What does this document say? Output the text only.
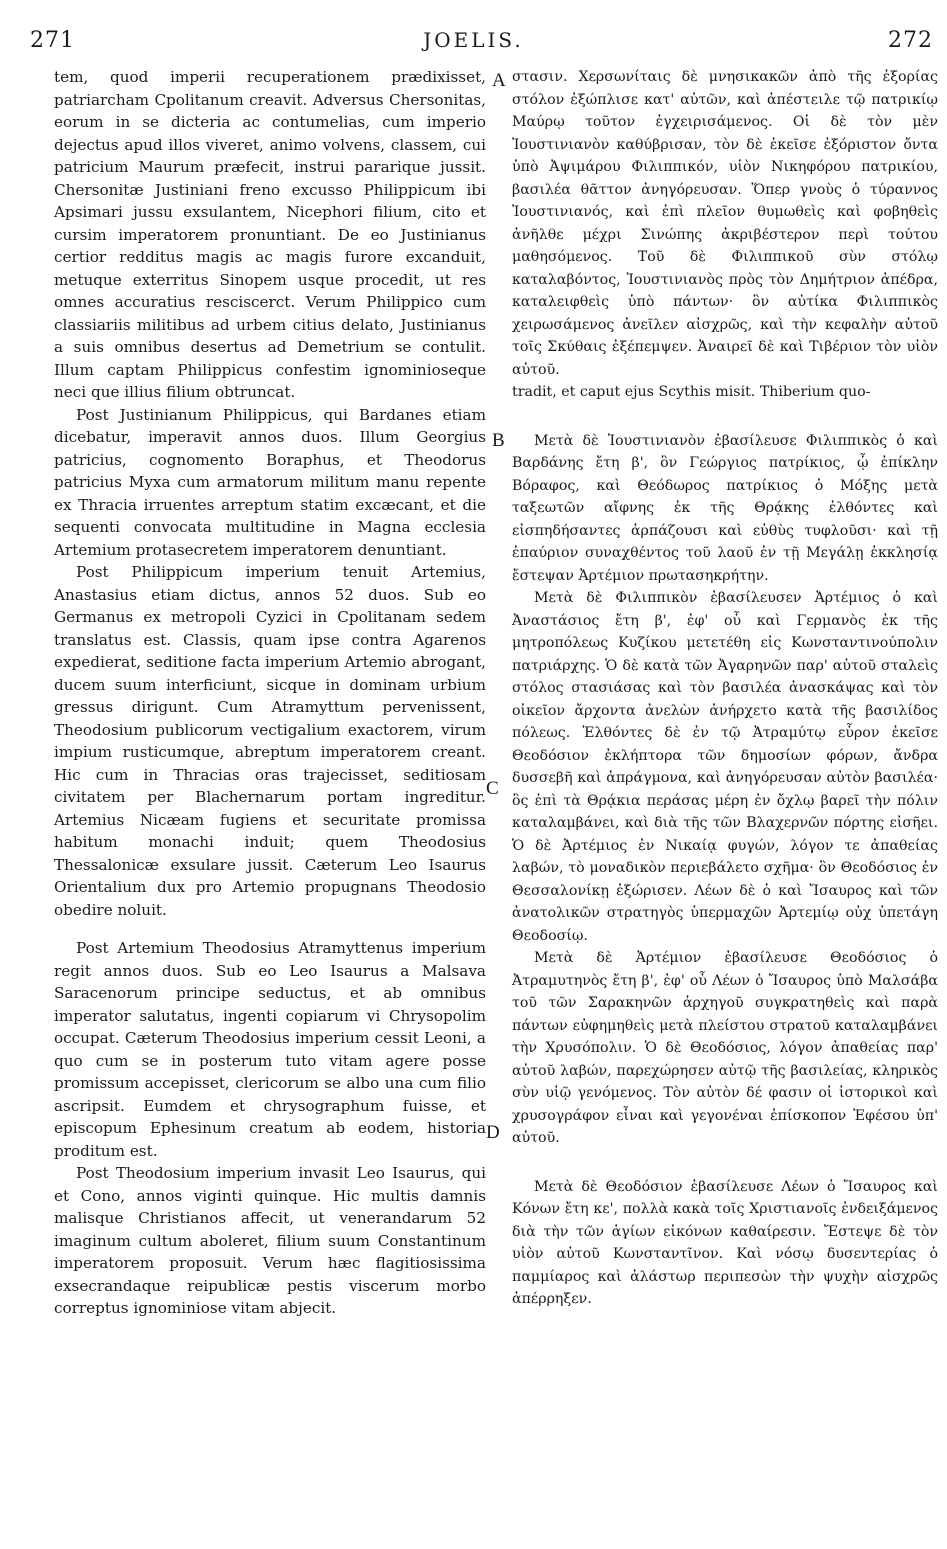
271	JOELIS.	272
A
B
C
D

tem, quod imperii recuperationem prædixisset, patriarcham Cpolitanum creavit. Adversus Chersonitas, eorum in se dicteria ac contumelias, cum imperio dejectus apud illos viveret, animo volvens, classem, cui patricium Maurum præfecit, instrui pararique jussit. Chersonitæ Justiniani freno excusso Philippicum ibi Apsimari jussu exsulantem, Nicephori filium, cito et cursim imperatorem pronuntiant. De eo Justinianus certior redditus magis ac magis furore excanduit, metuque exterritus Sinopem usque procedit, ut res omnes accuratius resciscerct. Verum Philippico cum classiariis militibus ad urbem citius delato, Justinianus a suis omnibus desertus ad Demetrium se contulit. Illum captam Philippicus confestim ignominioseque neci que illius filium obtruncat.

Post Justinianum Philippicus, qui Bardanes etiam dicebatur, imperavit annos duos. Illum Georgius patricius, cognomento Boraphus, et Theodorus patricius Myxa cum armatorum militum manu repente ex Thracia irruentes arreptum statim excæcant, et die sequenti convocata multitudine in Magna ecclesia Artemium protasecretem imperatorem denuntiant.

Post Philippicum imperium tenuit Artemius, Anastasius etiam dictus, annos 52 duos. Sub eo Germanus ex metropoli Cyzici in Cpolitanam sedem translatus est. Classis, quam ipse contra Agarenos expedierat, seditione facta imperium Artemio abrogant, ducem suum interficiunt, sicque in dominam urbium gressus dirigunt. Cum Atramyttum pervenissent, Theodosium publicorum vectigalium exactorem, virum impium rusticumque, abreptum imperatorem creant. Hic cum in Thracias oras trajecisset, seditiosam civitatem per Blachernarum portam ingreditur. Artemius Nicæam fugiens et securitate promissa habitum monachi induit; quem Theodosius Thessalonicæ exsulare jussit. Cæterum Leo Isaurus Orientalium dux pro Artemio propugnans Theodosio obedire noluit.

Post Artemium Theodosius Atramyttenus imperium regit annos duos. Sub eo Leo Isaurus a Malsava Saracenorum principe seductus, et ab omnibus imperator salutatus, ingenti copiarum vi Chrysopolim occupat. Cæterum Theodosius imperium cessit Leoni, a quo cum se in posterum tuto vitam agere posse promissum accepisset, clericorum se albo una cum filio ascripsit. Eumdem et chrysographum fuisse, et episcopum Ephesinum creatum ab eodem, historia proditum est.

Post Theodosium imperium invasit Leo Isaurus, qui et Cono, annos viginti quinque. Hic multis damnis malisque Christianos affecit, ut venerandarum 52 imaginum cultum aboleret, filium suum Constantinum imperatorem proposuit. Verum hæc flagitiosissima exsecrandaque reipublicæ pestis viscerum morbo correptus ignominiose vitam abjecit.

στασιν. Χερσωνίταις δὲ μνησικακῶν ἀπὸ τῆς ἐξορίας στόλον ἐξώπλισε κατ' αὐτῶν, καὶ ἀπέστειλε τῷ πατρικίῳ Μαύρῳ τοῦτον ἐγχειρισάμενος. Οἱ δὲ τὸν μὲν Ἰουστινιανὸν καθύβρισαν, τὸν δὲ ἐκεῖσε ἐξόριστον ὄντα ὑπὸ Ἀψιμάρου Φιλιππικόν, υἱὸν Νικηφόρου πατρικίου, βασιλέα θᾶττον ἀνηγόρευσαν. Ὅπερ γνοὺς ὁ τύραννος Ἰουστινιανός, καὶ ἐπὶ πλεῖον θυμωθεὶς καὶ φοβηθεὶς ἀνῆλθε μέχρι Σινώπης ἀκριβέστερον περὶ τούτου μαθησόμενος. Τοῦ δὲ Φιλιππικοῦ σὺν στόλῳ καταλαβόντος, Ἰουστινιανὸς πρὸς τὸν Δημήτριον ἀπέδρα, καταλειφθεὶς ὑπὸ πάντων· ὃν αὐτίκα Φιλιππικὸς χειρωσάμενος ἀνεῖλεν αἰσχρῶς, καὶ τὴν κεφαλὴν αὐτοῦ τοῖς Σκύθαις ἐξέπεμψεν. Ἀναιρεῖ δὲ καὶ Τιβέριον τὸν υἱὸν αὐτοῦ.

tradit, et caput ejus Scythis misit. Thiberium quo-

Μετὰ δὲ Ἰουστινιανὸν ἐβασίλευσε Φιλιππικὸς ὁ καὶ Βαρδάνης ἔτη β', ὃν Γεώργιος πατρίκιος, ᾧ ἐπίκλην Βόραφος, καὶ Θεόδωρος πατρίκιος ὁ Μόξης μετὰ ταξεωτῶν αἴφνης ἐκ τῆς Θρᾴκης ἐλθόντες καὶ εἰσπηδήσαντες ἁρπάζουσι καὶ εὐθὺς τυφλοῦσι· καὶ τῇ ἐπαύριον συναχθέντος τοῦ λαοῦ ἐν τῇ Μεγάλῃ ἐκκλησίᾳ ἔστεψαν Ἀρτέμιον πρωτασηκρήτην.

Μετὰ δὲ Φιλιππικὸν ἐβασίλευσεν Ἀρτέμιος ὁ καὶ Ἀναστάσιος ἔτη β', ἐφ' οὗ καὶ Γερμανὸς ἐκ τῆς μητροπόλεως Κυζίκου μετετέθη εἰς Κωνσταντινούπολιν πατριάρχης. Ὁ δὲ κατὰ τῶν Ἀγαρηνῶν παρ' αὐτοῦ σταλεὶς στόλος στασιάσας καὶ τὸν βασιλέα ἀνασκάψας καὶ τὸν οἰκεῖον ἄρχοντα ἀνελὼν ἀνήρχετο κατὰ τῆς βασιλίδος πόλεως. Ἐλθόντες δὲ ἐν τῷ Ἀτραμύτῳ εὗρον ἐκεῖσε Θεοδόσιον ἐκλήπτορα τῶν δημοσίων φόρων, ἄνδρα δυσσεβῆ καὶ ἀπράγμονα, καὶ ἀνηγόρευσαν αὐτὸν βασιλέα· ὃς ἐπὶ τὰ Θρᾴκια περάσας μέρη ἐν ὄχλῳ βαρεῖ τὴν πόλιν καταλαμβάνει, καὶ διὰ τῆς τῶν Βλαχερνῶν πόρτης εἰσῆει. Ὁ δὲ Ἀρτέμιος ἐν Νικαίᾳ φυγών, λόγον τε ἀπαθείας λαβών, τὸ μοναδικὸν περιεβάλετο σχῆμα· ὃν Θεοδόσιος ἐν Θεσσαλονίκῃ ἐξώρισεν. Λέων δὲ ὁ καὶ Ἴσαυρος καὶ τῶν ἀνατολικῶν στρατηγὸς ὑπερμαχῶν Ἀρτεμίῳ οὐχ ὑπετάγη Θεοδοσίῳ.

Μετὰ δὲ Ἀρτέμιον ἐβασίλευσε Θεοδόσιος ὁ Ἀτραμυτηνὸς ἔτη β', ἐφ' οὗ Λέων ὁ Ἴσαυρος ὑπὸ Μαλσάβα τοῦ τῶν Σαρακηνῶν ἀρχηγοῦ συγκρατηθεὶς καὶ παρὰ πάντων εὐφημηθεὶς μετὰ πλείστου στρατοῦ καταλαμβάνει τὴν Χρυσόπολιν. Ὁ δὲ Θεοδόσιος, λόγον ἀπαθείας παρ' αὐτοῦ λαβών, παρεχώρησεν αὐτῷ τῆς βασιλείας, κληρικὸς σὺν υἱῷ γενόμενος. Τὸν αὐτὸν δέ φασιν οἱ ἱστορικοὶ καὶ χρυσογράφον εἶναι καὶ γεγονέναι ἐπίσκοπον Ἐφέσου ὑπ' αὐτοῦ.

Μετὰ δὲ Θεοδόσιον ἐβασίλευσε Λέων ὁ Ἴσαυρος καὶ Κόνων ἔτη κε', πολλὰ κακὰ τοῖς Χριστιανοῖς ἐνδειξάμενος διὰ τὴν τῶν ἁγίων εἰκόνων καθαίρεσιν. Ἔστεψε δὲ τὸν υἱὸν αὐτοῦ Κωνσταντῖνον. Καὶ νόσῳ δυσεντερίας ὁ παμμίαρος καὶ ἀλάστωρ περιπεσὼν τὴν ψυχὴν αἰσχρῶς ἀπέρρηξεν.
